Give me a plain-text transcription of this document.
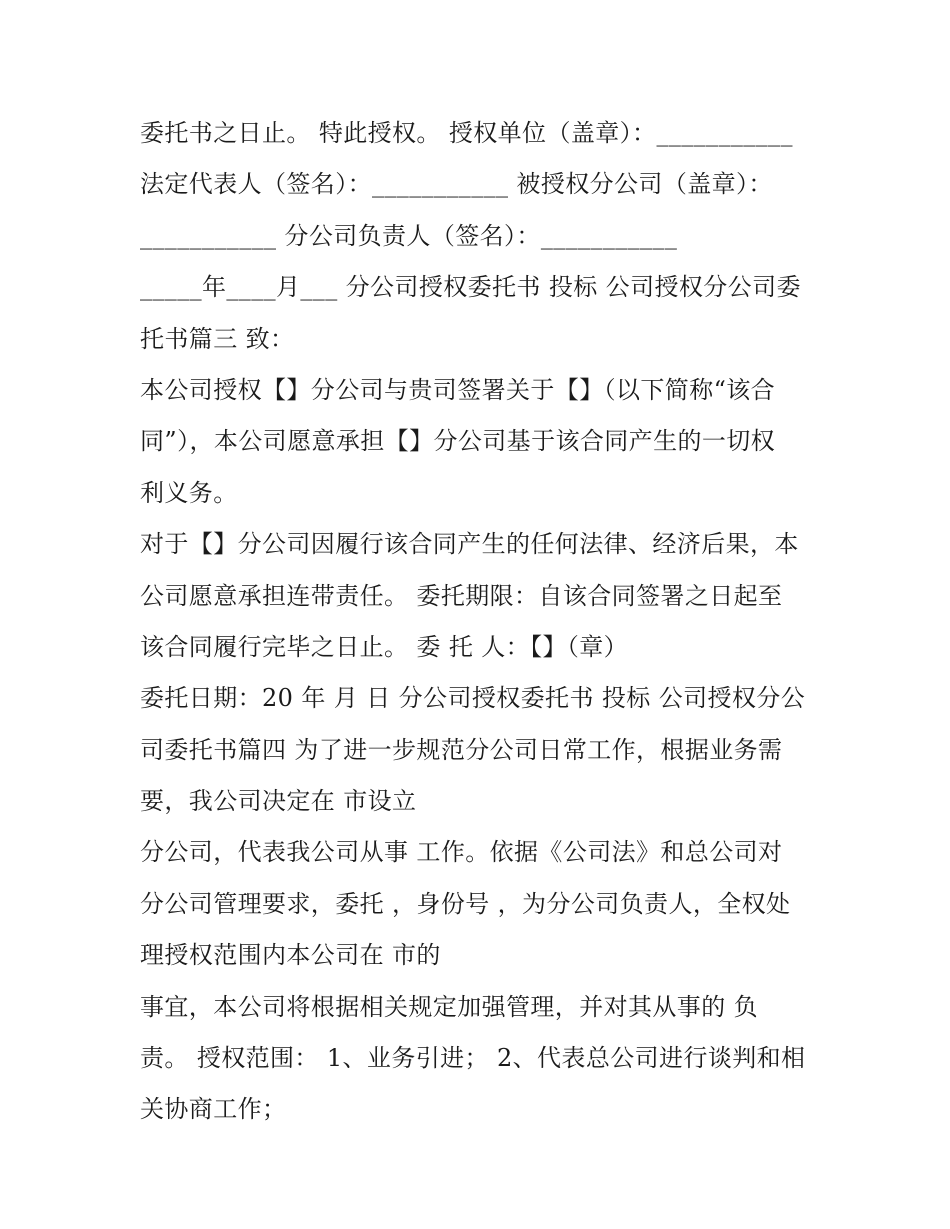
委托书之日止。 特此授权。 授权单位（盖章）：___________
法定代表人（签名）：___________ 被授权分公司（盖章）：
___________ 分公司负责人（签名）：___________
_____年____月___ 分公司授权委托书 投标 公司授权分公司委
托书篇三 致：
本公司授权【】分公司与贵司签署关于【】（以下简称“该合
同”），本公司愿意承担【】分公司基于该合同产生的一切权
利义务。
对于【】分公司因履行该合同产生的任何法律、经济后果，本
公司愿意承担连带责任。 委托期限：自该合同签署之日起至
该合同履行完毕之日止。 委 托 人：【】（章）
委托日期：20 年 月 日 分公司授权委托书 投标 公司授权分公
司委托书篇四 为了进一步规范分公司日常工作，根据业务需
要，我公司决定在 市设立
分公司，代表我公司从事 工作。依据《公司法》和总公司对
分公司管理要求，委托 ，身份号 ，为分公司负责人，全权处
理授权范围内本公司在 市的
事宜，本公司将根据相关规定加强管理，并对其从事的 负
责。 授权范围： 1、业务引进； 2、代表总公司进行谈判和相
关协商工作；
